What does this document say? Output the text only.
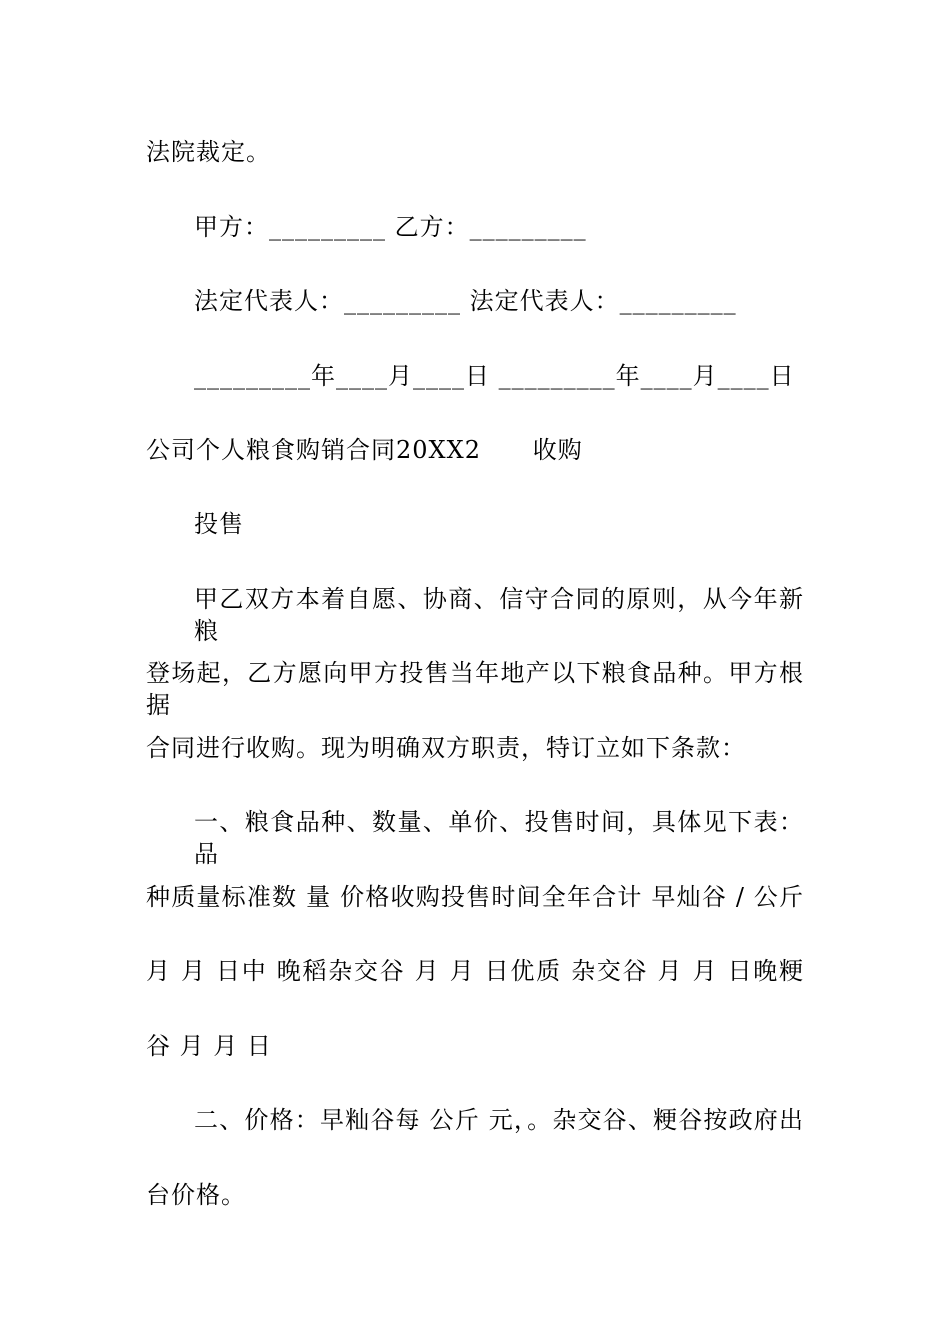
法院裁定。
甲方：_________ 乙方：_________
法定代表人：_________ 法定代表人：_________
_________年____月____日 _________年____月____日
公司个人粮食购销合同20XX2      收购
投售
甲乙双方本着自愿、协商、信守合同的原则，从今年新粮
登场起，乙方愿向甲方投售当年地产以下粮食品种。甲方根据
合同进行收购。现为明确双方职责，特订立如下条款：
一、粮食品种、数量、单价、投售时间，具体见下表：品
种质量标准数 量 价格收购投售时间全年合计 早灿谷 / 公斤
月 月 日中 晚稻杂交谷 月 月 日优质 杂交谷 月 月 日晚粳
谷 月 月 日
二、价格：早籼谷每 公斤 元，。杂交谷、粳谷按政府出
台价格。
